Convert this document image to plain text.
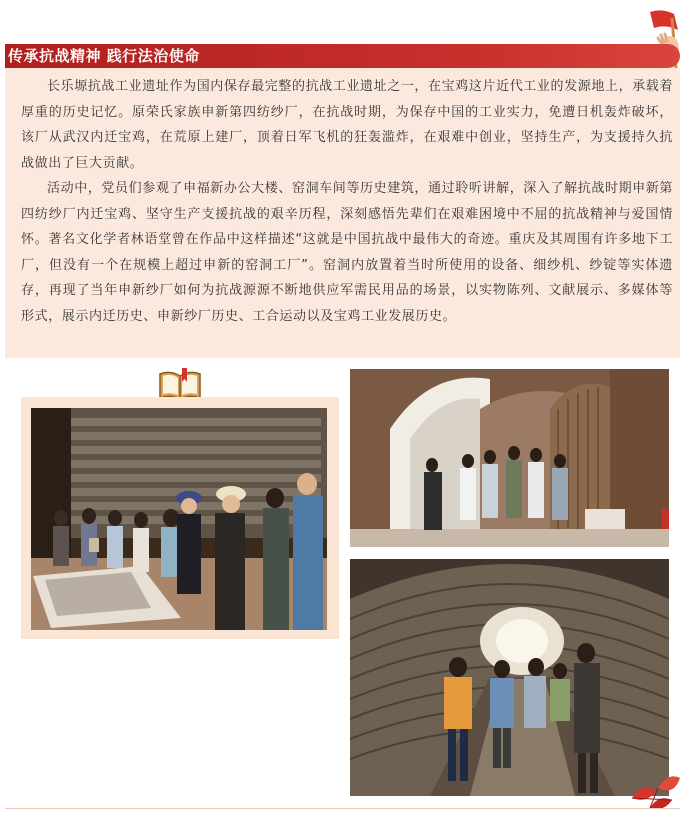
传承抗战精神 践行法治使命

长乐塬抗战工业遗址作为国内保存最完整的抗战工业遗址之一，在宝鸡这片近代工业的发源地上，承载着厚重的历史记忆。原荣氏家族申新第四纺纱厂，在抗战时期，为保存中国的工业实力，免遭日机轰炸破坏，该厂从武汉内迁宝鸡，在荒原上建厂，顶着日军飞机的狂轰滥炸，在艰难中创业，坚持生产，为支援持久抗战做出了巨大贡献。

活动中，党员们参观了申福新办公大楼、窑洞车间等历史建筑，通过聆听讲解，深入了解抗战时期申新第四纺纱厂内迁宝鸡、坚守生产支援抗战的艰辛历程，深刻感悟先辈们在艰难困境中不屈的抗战精神与爱国情怀。著名文化学者林语堂曾在作品中这样描述“这就是中国抗战中最伟大的奇迹。重庆及其周围有许多地下工厂，但没有一个在规模上超过申新的窑洞工厂”。窑洞内放置着当时所使用的设备、细纱机、纱锭等实体遗存，再现了当年申新纱厂如何为抗战源源不断地供应军需民用品的场景，以实物陈列、文献展示、多媒体等形式，展示内迁历史、申新纱厂历史、工合运动以及宝鸡工业发展历史。
